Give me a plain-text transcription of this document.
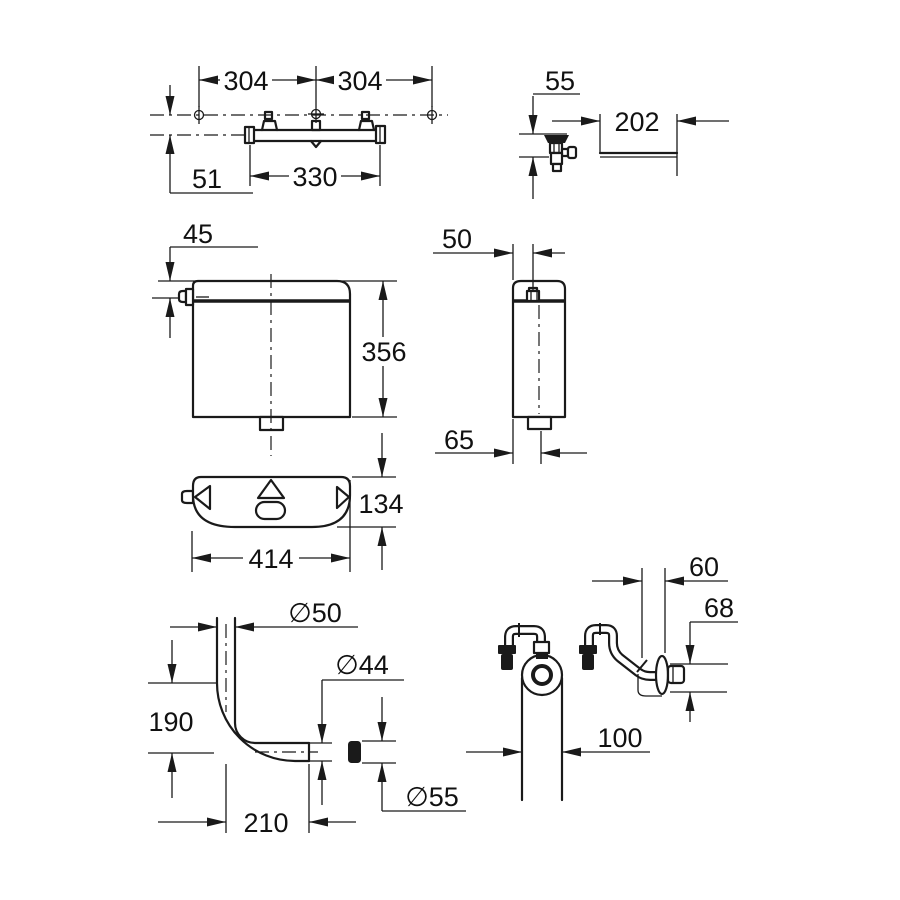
304	304
330
51
55
202
45
356
50
65
134
414
∅50
190
210
∅44
∅55
100
60
68
